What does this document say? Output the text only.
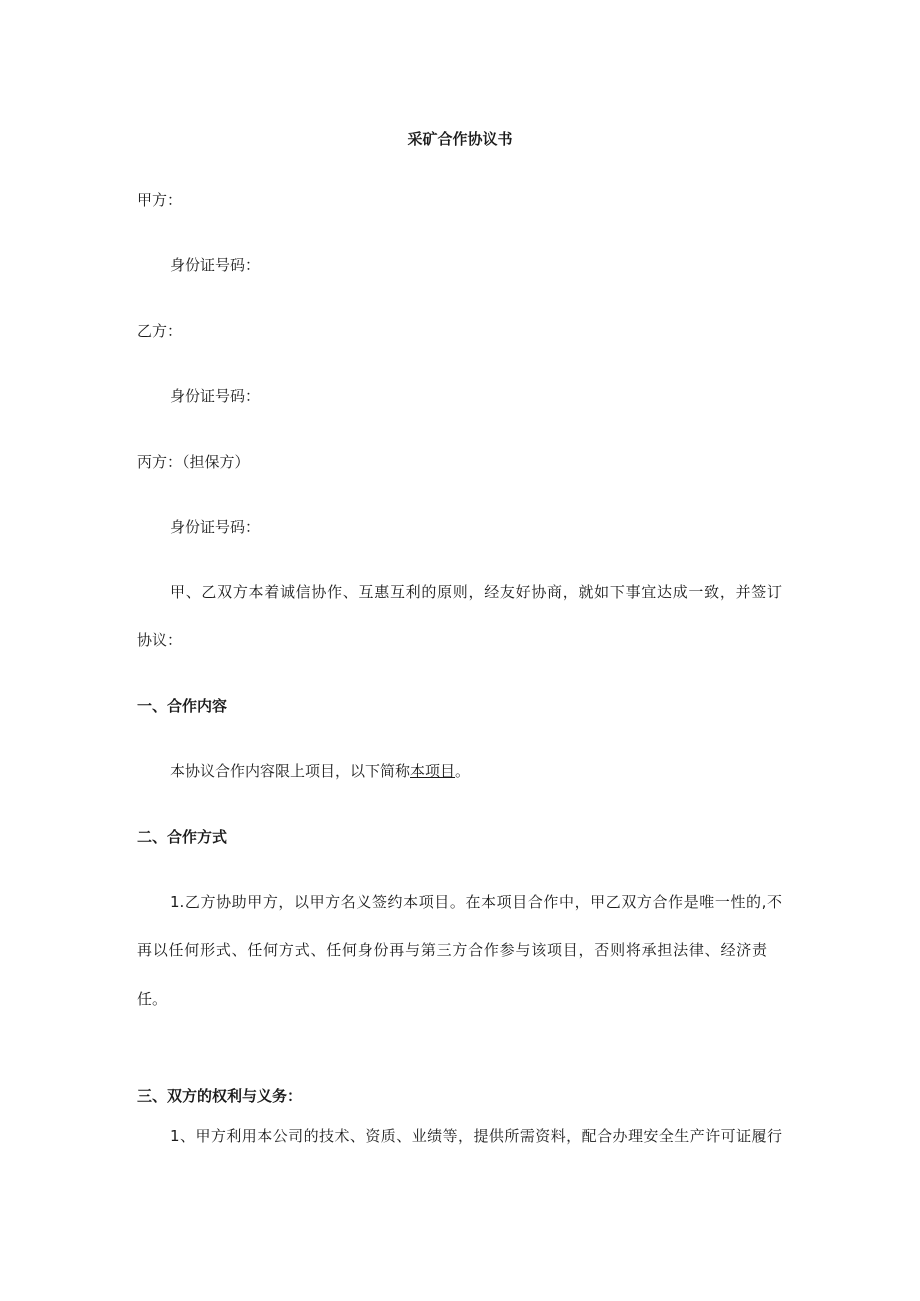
采矿合作协议书
甲方：
身份证号码：
乙方：
身份证号码：
丙方：（担保方）
身份证号码：
甲、乙双方本着诚信协作、互惠互利的原则，经友好协商，就如下事宜达成一致，并签订
协议：
一、合作内容
本协议合作内容限上项目，以下简称本项目。
二、合作方式
1.乙方协助甲方，以甲方名义签约本项目。在本项目合作中，甲乙双方合作是唯一性的,不
再以任何形式、任何方式、任何身份再与第三方合作参与该项目，否则将承担法律、经济责
任。
三、双方的权利与义务：
1、甲方利用本公司的技术、资质、业绩等，提供所需资料，配合办理安全生产许可证履行
